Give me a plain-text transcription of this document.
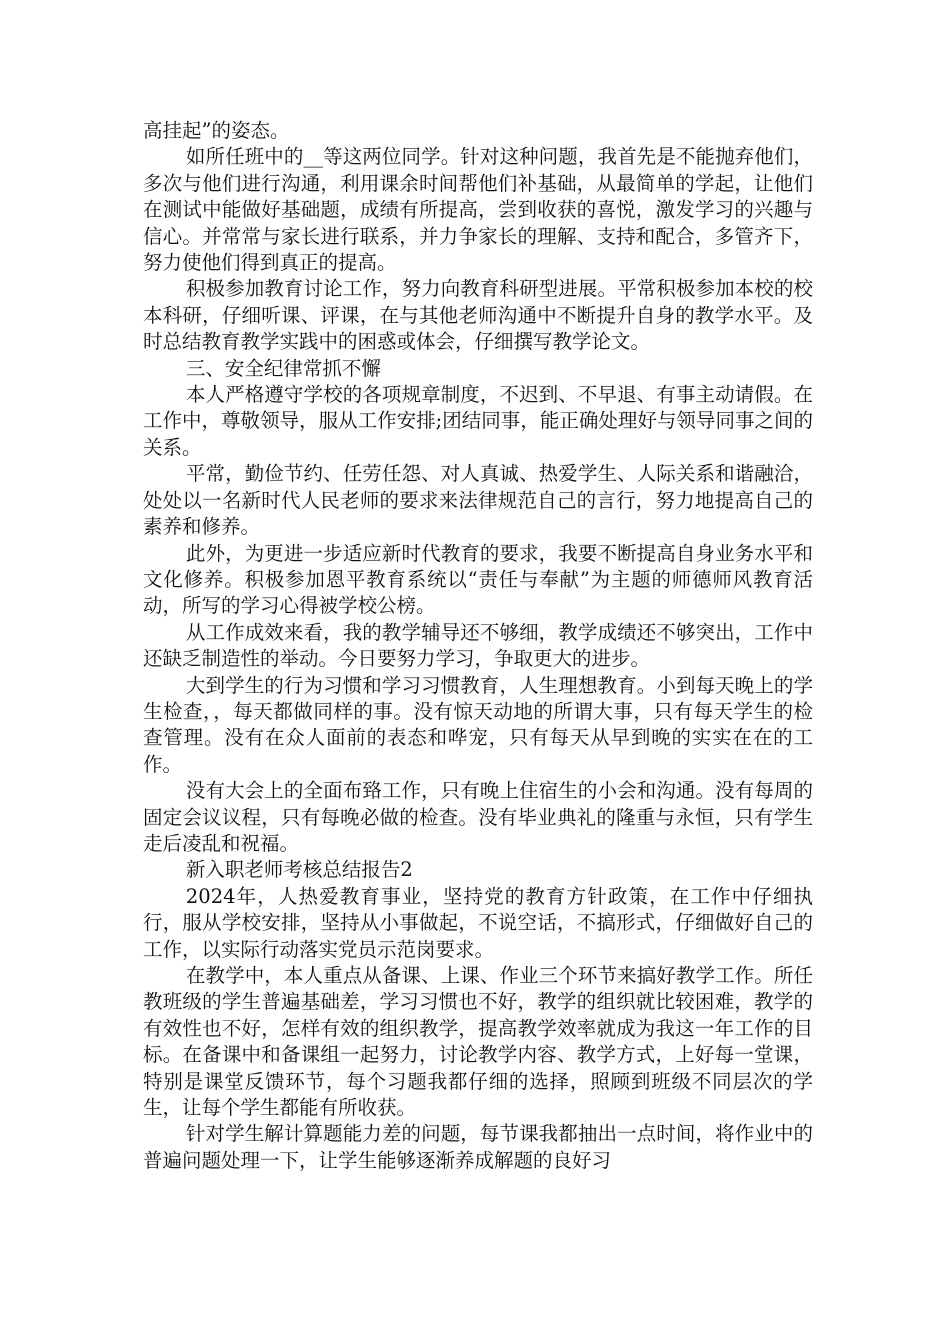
高挂起”的姿态。

如所任班中的__等这两位同学。针对这种问题，我首先是不能抛弃他们，多次与他们进行沟通，利用课余时间帮他们补基础，从最简单的学起，让他们在测试中能做好基础题，成绩有所提高，尝到收获的喜悦，激发学习的兴趣与信心。并常常与家长进行联系，并力争家长的理解、支持和配合，多管齐下，努力使他们得到真正的提高。

积极参加教育讨论工作，努力向教育科研型进展。平常积极参加本校的校本科研，仔细听课、评课，在与其他老师沟通中不断提升自身的教学水平。及时总结教育教学实践中的困惑或体会，仔细撰写教学论文。

三、安全纪律常抓不懈

本人严格遵守学校的各项规章制度，不迟到、不早退、有事主动请假。在工作中，尊敬领导，服从工作安排;团结同事，能正确处理好与领导同事之间的关系。

平常，勤俭节约、任劳任怨、对人真诚、热爱学生、人际关系和谐融洽，处处以一名新时代人民老师的要求来法律规范自己的言行，努力地提高自己的素养和修养。

此外，为更进一步适应新时代教育的要求，我要不断提高自身业务水平和文化修养。积极参加恩平教育系统以“责任与奉献”为主题的师德师风教育活动，所写的学习心得被学校公榜。

从工作成效来看，我的教学辅导还不够细，教学成绩还不够突出，工作中还缺乏制造性的举动。今日要努力学习，争取更大的进步。

大到学生的行为习惯和学习习惯教育，人生理想教育。小到每天晚上的学生检查，，每天都做同样的事。没有惊天动地的所谓大事，只有每天学生的检查管理。没有在众人面前的表态和哗宠，只有每天从早到晚的实实在在的工作。

没有大会上的全面布臵工作，只有晚上住宿生的小会和沟通。没有每周的固定会议议程，只有每晚必做的检查。没有毕业典礼的隆重与永恒，只有学生走后凌乱和祝福。

新入职老师考核总结报告2

2024年，人热爱教育事业，坚持党的教育方针政策，在工作中仔细执行，服从学校安排，坚持从小事做起，不说空话，不搞形式，仔细做好自己的工作，以实际行动落实党员示范岗要求。

在教学中，本人重点从备课、上课、作业三个环节来搞好教学工作。所任教班级的学生普遍基础差，学习习惯也不好，教学的组织就比较困难，教学的有效性也不好，怎样有效的组织教学，提高教学效率就成为我这一年工作的目标。在备课中和备课组一起努力，讨论教学内容、教学方式，上好每一堂课，特别是课堂反馈环节，每个习题我都仔细的选择，照顾到班级不同层次的学生，让每个学生都能有所收获。

针对学生解计算题能力差的问题，每节课我都抽出一点时间，将作业中的普遍问题处理一下，让学生能够逐渐养成解题的良好习
